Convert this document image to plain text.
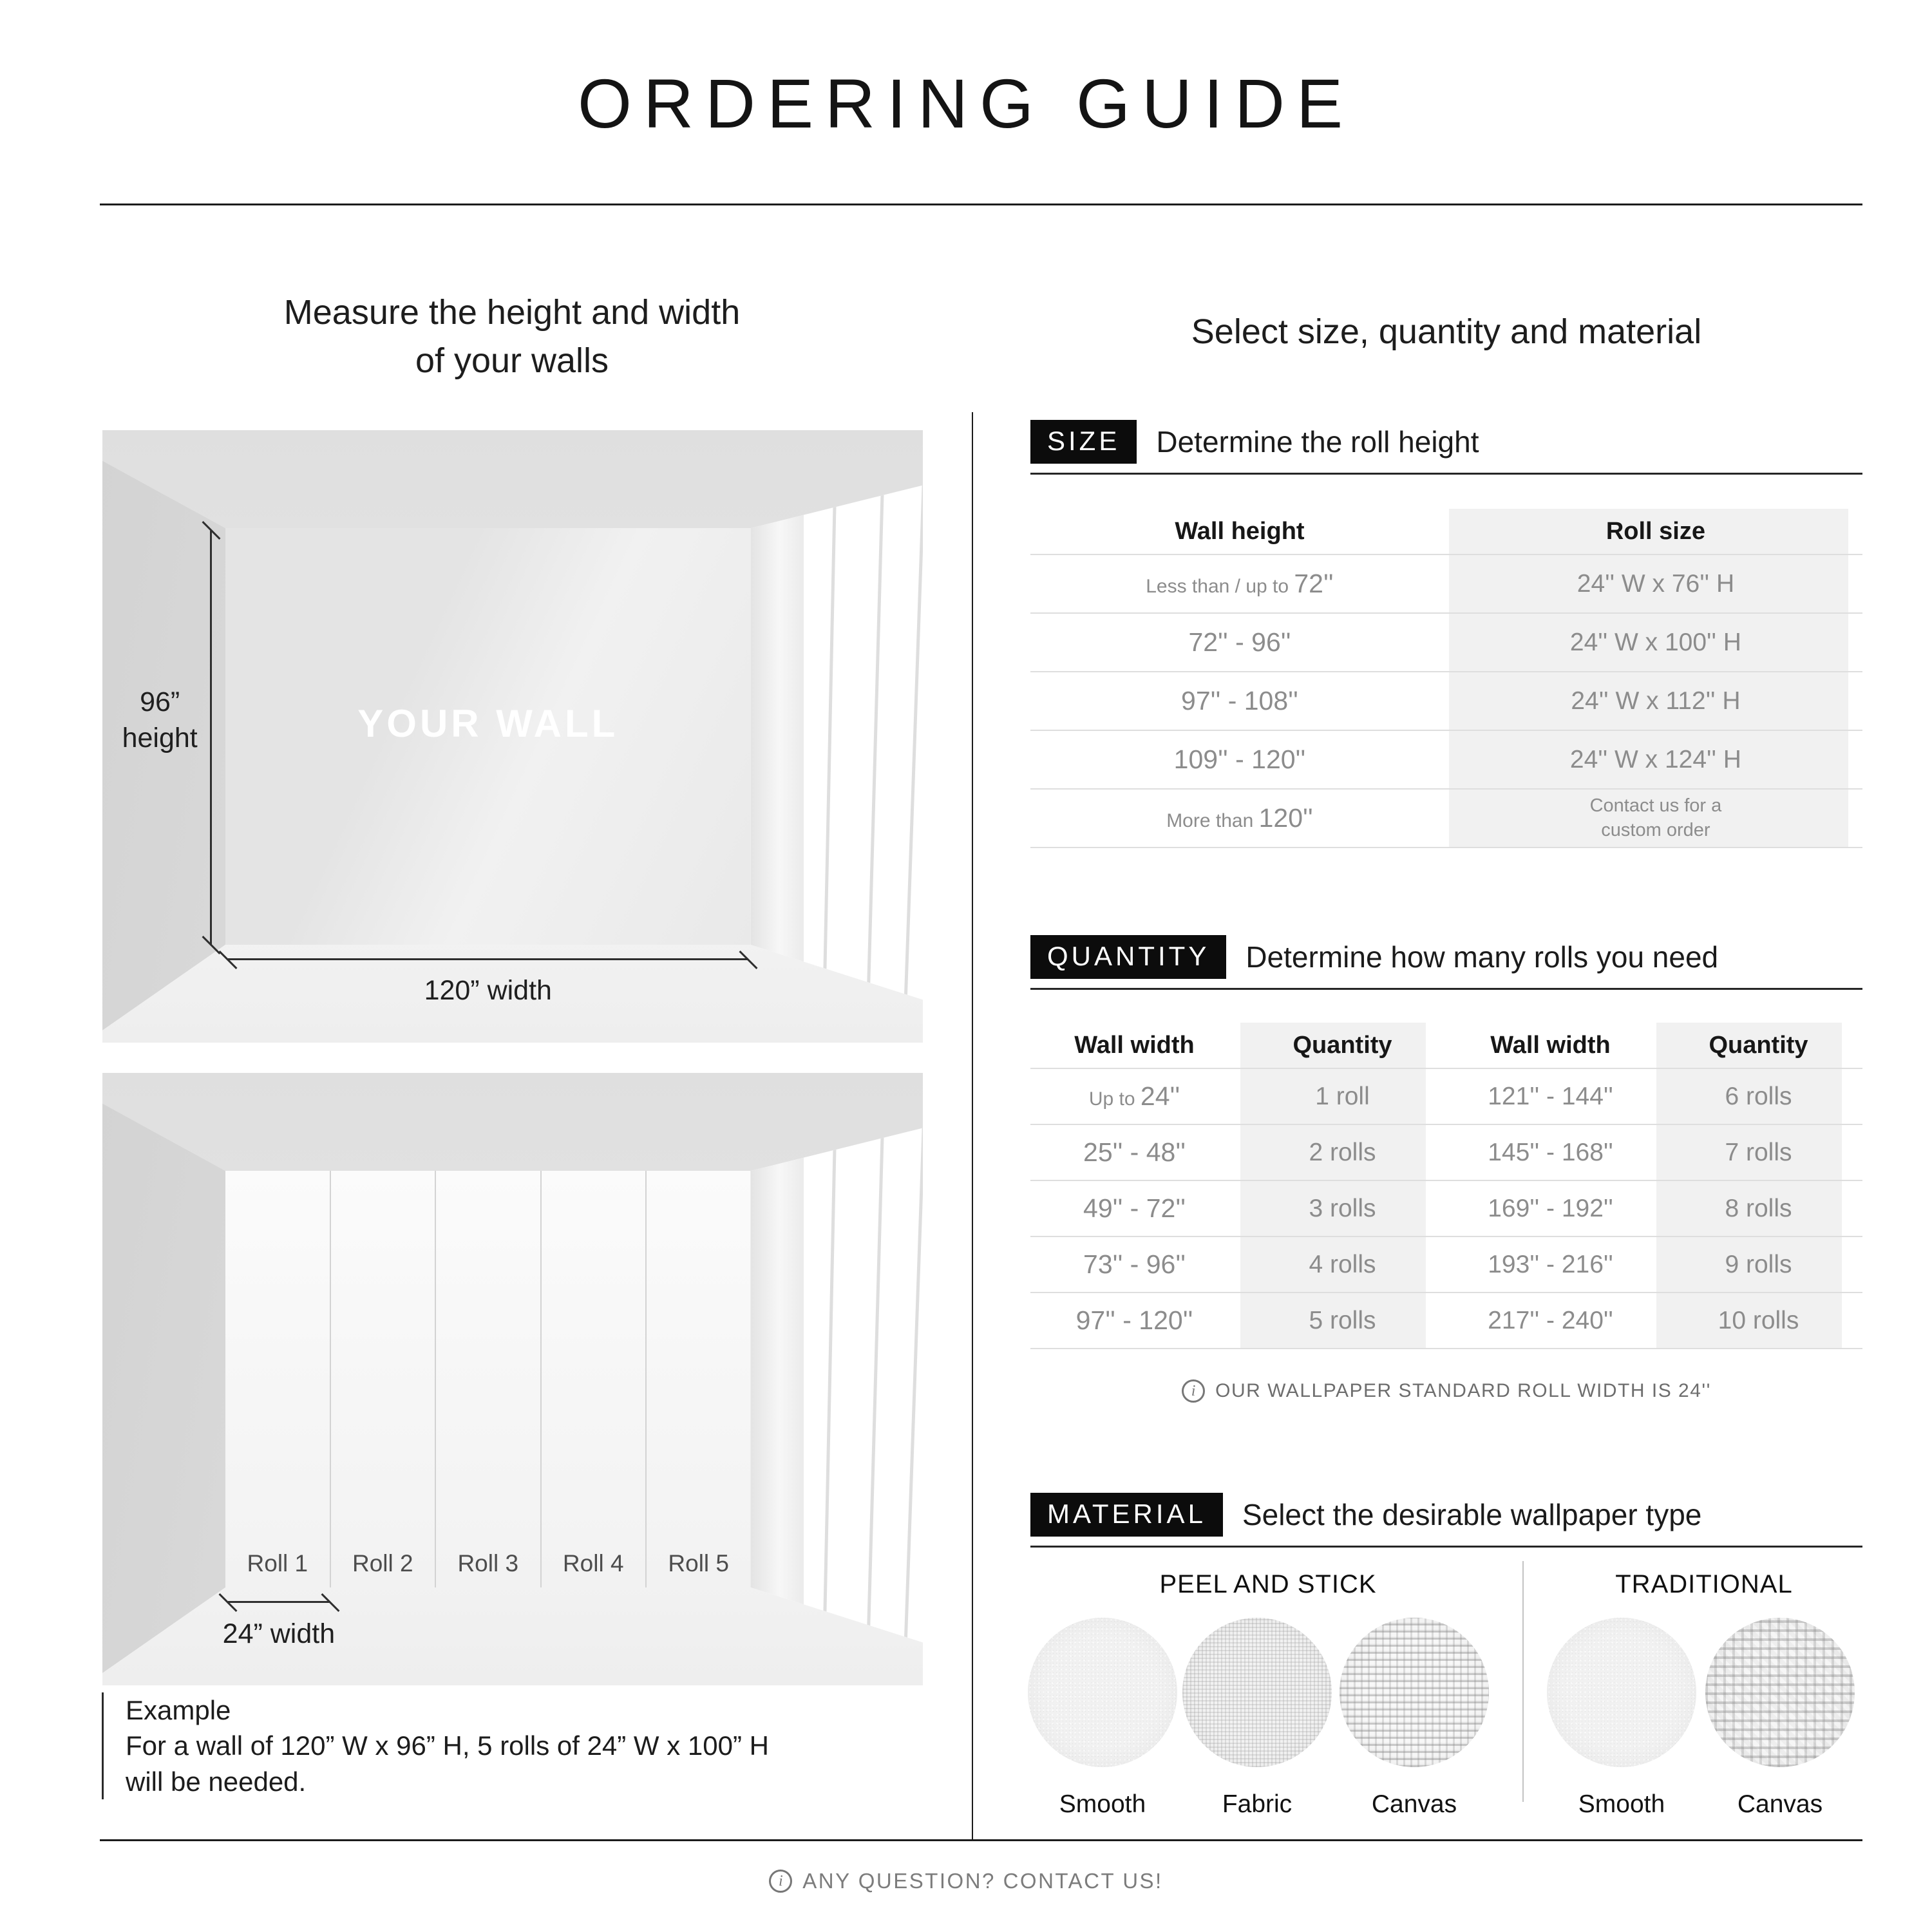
ORDERING GUIDE
Measure the height and width
of your walls
YOUR WALL
96”
height
120” width
Roll 1	Roll 2	Roll 3	Roll 4	Roll 5
24” width
Example
For a wall of 120” W x 96” H, 5 rolls of 24” W x 100” H
will be needed.
Select size, quantity and material
SIZE	Determine the roll height
Wall height	Roll size
Less than / up to 72''	24'' W x 76'' H
72'' - 96''	24'' W x 100'' H
97'' - 108''	24'' W x 112'' H
109'' - 120''	24'' W x 124'' H
More than 120''	Contact us for a
custom order
QUANTITY	Determine how many rolls you need
Wall width	Quantity	Wall width	Quantity
Up to 24''	1 roll	121'' - 144''	6 rolls
25'' - 48''	2 rolls	145'' - 168''	7 rolls
49'' - 72''	3 rolls	169'' - 192''	8 rolls
73'' - 96''	4 rolls	193'' - 216''	9 rolls
97'' - 120''	5 rolls	217'' - 240''	10 rolls
i
OUR WALLPAPER STANDARD ROLL WIDTH IS 24''
MATERIAL	Select the desirable wallpaper type
PEEL AND STICK	TRADITIONAL
Smooth	Fabric	Canvas	Smooth	Canvas
i
ANY QUESTION? CONTACT US!
